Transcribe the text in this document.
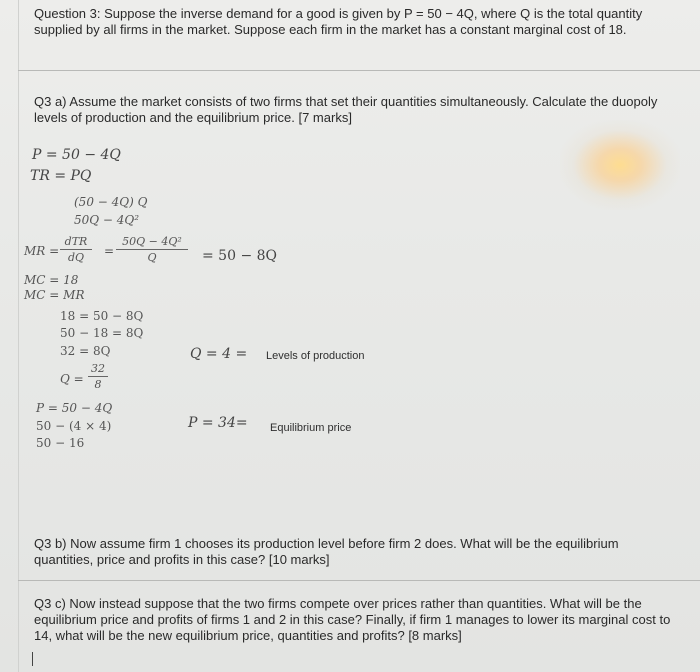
Question 3: Suppose the inverse demand for a good is given by P = 50 − 4Q, where Q is the total quantity supplied by all firms in the market. Suppose each firm in the market has a constant marginal cost of 18.
Q3 a) Assume the market consists of two firms that set their quantities simultaneously. Calculate the duopoly levels of production and the equilibrium price. [7 marks]
P = 50 − 4Q
TR = PQ
(50 − 4Q) Q
50Q − 4Q²
MR =
dTR
dQ	=
50Q − 4Q²
Q	= 50 − 8Q
MC = 18
MC = MR
18 = 50 − 8Q
50 − 18 = 8Q
32 = 8Q
Q =
32
8
Q = 4 = Levels of production
P = 50 − 4Q
50 − (4 × 4)
50 − 16
P = 34= Equilibrium price
Q3 b) Now assume firm 1 chooses its production level before firm 2 does. What will be the equilibrium quantities, price and profits in this case? [10 marks]
Q3 c) Now instead suppose that the two firms compete over prices rather than quantities. What will be the equilibrium price and profits of firms 1 and 2 in this case? Finally, if firm 1 manages to lower its marginal cost to 14, what will be the new equilibrium price, quantities and profits? [8 marks]
